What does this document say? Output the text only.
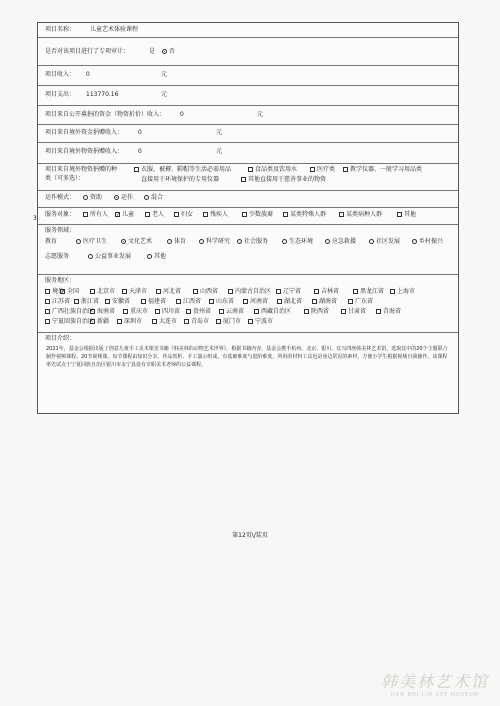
项目名称： 儿童艺术体验课程
是否对该项目进行了专项审计：	是	否
项目收入： 0	元
项目支出： 113770.16	元
项目来自公开募捐的资金（物资折价）收入： 0	元
项目来自境外资金捐赠收入： 0	元
项目来自境外物资捐赠收入： 0	元
项目来自境外物资捐赠的种
类（可多选）：
衣服、被褥、鞋帽等生活必需用品	食品类及饮用水	医疗类	教学仪器、一般学习用品类
直接用于环境保护的专用仪器	其他直接用于慈善事业的物资
运作模式：	资助	运作	混合
服务对象：	所有人 ✓	儿童	老人	妇女	残疾人	少数族裔	某类特殊人群	某类病种人群	其他
服务领域：
教育	医疗卫生	文化艺术	体育	科学研究	社会服务	生态环境	应急救援	社区发展	乡村振兴
志愿服务	公益事业发展	其他
服务地区：
境外 ✓ 全国	北京市	天津市	河北省	山西省	内蒙古自治区	辽宁省	吉林省	黑龙江省	上海市
江苏省	浙江省	安徽省	福建省	江西省	山东省	河南省	湖北省	湖南省	广东省
广西壮族自治区 海南省	重庆市	四川省	贵州省	云南省	西藏自治区	陕西省	甘肃省	青海省
宁夏回族自治区 新疆	深圳市	大连市	青岛市	厦门市	宁波市
项目介绍：
2021年，基金会根据出版了创意儿童手工美术课堂书籍《韩美林的动物艺术世界》，根据书籍内容，基金会携手杭州、北京、银川、宜兴四座韩美林艺术馆，选取其中的20个主题联合制作视频课程。20节视频课，每节课程由知识分享、作品赏析、手工演示组成，有基础难度与进阶难度，所用的材料工具也是身边常见的素材，方便小学生根据视频自我操作。该课程率先试点于宁夏回族自治区银川市永宁县设有专职美术老师的公益课程。
3
第12页\/装页
韩美林艺术馆
HAN MEI LIN ART MUSEUM
